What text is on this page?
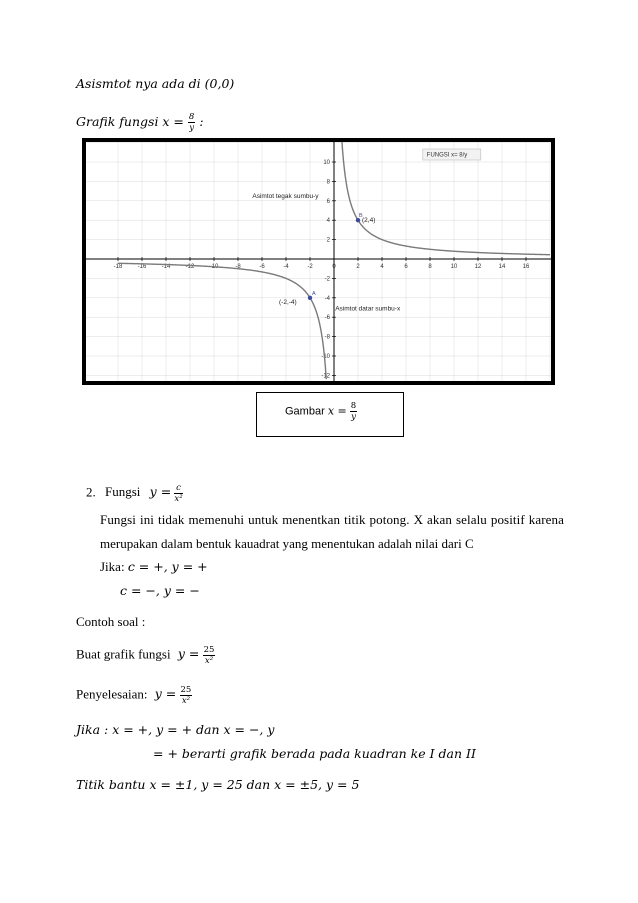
Asismtot nya ada di (0,0)
Grafik fungsi $x = \frac{8}{y}$ :
-18	-16	-14	-12	-10	-8	-6	-4	-2	0	2	4	6	8	10	12	14	16
10
8
6
4
2
-2
-4
-6
-8
-10
-12
(2,4)
B
(-2,-4)
A
Asimtot tegak sumbu-y
Asimtot datar sumbu-x
FUNGSI x= 8/y
Gambar $x = \frac{8}{y}$
2. Fungsi $y = \frac{c}{\text{x²}}$
Fungsi ini tidak memenuhi untuk menentkan titik potong. X akan selalu positif karena
merupakan dalam bentuk kauadrat yang menentukan adalah nilai dari C
Jika: c = +, y = +
c = −, y = −
Contoh soal :
Buat grafik fungsi $y = \frac{25}{\text{x²}}$
Penyelesaian: $y = \frac{25}{\text{x²}}$
Jika : x = +, y = + dan x = −, y
= + berarti grafik berada pada kuadran ke I dan II
Titik bantu x = ±1, y = 25 dan x = ±5, y = 5
